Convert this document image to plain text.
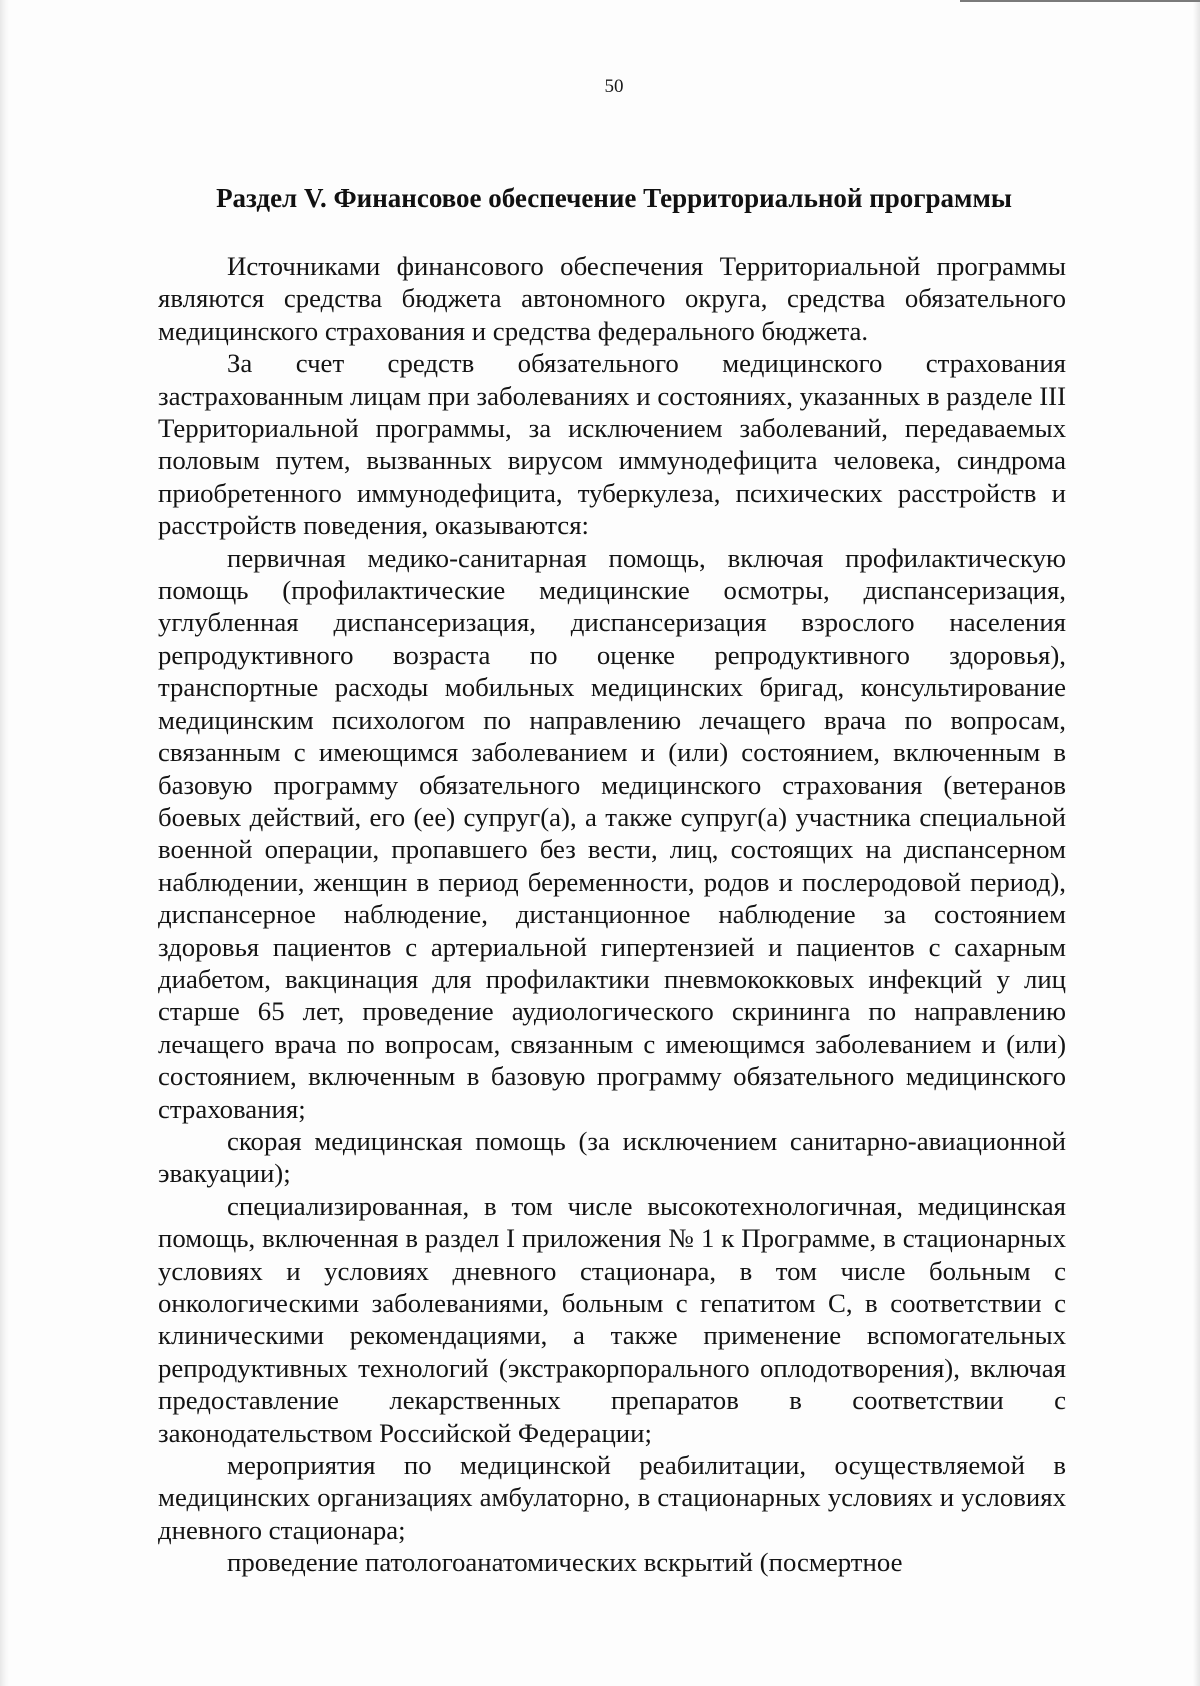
50
Раздел V. Финансовое обеспечение Территориальной программы

Источниками финансового обеспечения Территориальной программы являются средства бюджета автономного округа, средства обязательного медицинского страхования и средства федерального бюджета.

За счет средств обязательного медицинского страхования застрахованным лицам при заболеваниях и состояниях, указанных в разделе III Территориальной программы, за исключением заболеваний, передаваемых половым путем, вызванных вирусом иммунодефицита человека, синдрома приобретенного иммунодефицита, туберкулеза, психических расстройств и расстройств поведения, оказываются:

первичная медико-санитарная помощь, включая профилактическую помощь (профилактические медицинские осмотры, диспансеризация, углубленная диспансеризация, диспансеризация взрослого населения репродуктивного возраста по оценке репродуктивного здоровья), транспортные расходы мобильных медицинских бригад, консультирование медицинским психологом по направлению лечащего врача по вопросам, связанным с имеющимся заболеванием и (или) состоянием, включенным в базовую программу обязательного медицинского страхования (ветеранов боевых действий, его (ее) супруг(а), а также супруг(а) участника специальной военной операции, пропавшего без вести, лиц, состоящих на диспансерном наблюдении, женщин в период беременности, родов и послеродовой период), диспансерное наблюдение, дистанционное наблюдение за состоянием здоровья пациентов с артериальной гипертензией и пациентов с сахарным диабетом, вакцинация для профилактики пневмококковых инфекций у лиц старше 65 лет, проведение аудиологического скрининга по направлению лечащего врача по вопросам, связанным с имеющимся заболеванием и (или) состоянием, включенным в базовую программу обязательного медицинского страхования;

скорая медицинская помощь (за исключением санитарно-авиационной эвакуации);

специализированная, в том числе высокотехнологичная, медицинская помощь, включенная в раздел I приложения № 1 к Программе, в стационарных условиях и условиях дневного стационара, в том числе больным с онкологическими заболеваниями, больным с гепатитом С, в соответствии с клиническими рекомендациями, а также применение вспомогательных репродуктивных технологий (экстракорпорального оплодотворения), включая предоставление лекарственных препаратов в соответствии с законодательством Российской Федерации;

мероприятия по медицинской реабилитации, осуществляемой в медицинских организациях амбулаторно, в стационарных условиях и условиях дневного стационара;

проведение патологоанатомических вскрытий (посмертное
